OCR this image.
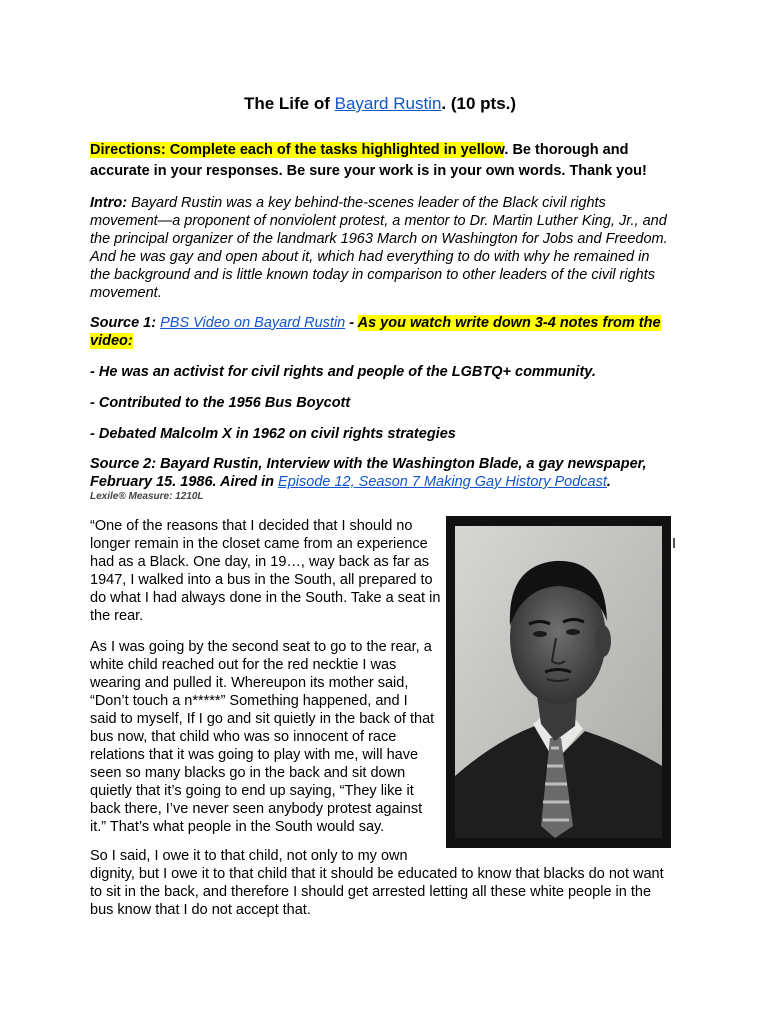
The Life of Bayard Rustin. (10 pts.)
Directions: Complete each of the tasks highlighted in yellow. Be thorough and accurate in your responses. Be sure your work is in your own words. Thank you!
Intro: Bayard Rustin was a key behind-the-scenes leader of the Black civil rights movement—a proponent of nonviolent protest, a mentor to Dr. Martin Luther King, Jr., and the principal organizer of the landmark 1963 March on Washington for Jobs and Freedom. And he was gay and open about it, which had everything to do with why he remained in the background and is little known today in comparison to other leaders of the civil rights movement.
Source 1: PBS Video on Bayard Rustin - As you watch write down 3-4 notes from the video:
- He was an activist for civil rights and people of the LGBTQ+ community.
- Contributed to the 1956 Bus Boycott
- Debated Malcolm X in 1962 on civil rights strategies
Source 2: Bayard Rustin, Interview with the Washington Blade, a gay newspaper, February 15. 1986. Aired in Episode 12, Season 7 Making Gay History Podcast.
Lexile® Measure: 1210L
“One of the reasons that I decided that I should no longer remain in the closet came from an experience had as a Black. One day, in 19…, way back as far as 1947, I walked into a bus in the South, all prepared to do what I had always done in the South. Take a seat in the rear.
As I was going by the second seat to go to the rear, a white child reached out for the red necktie I was wearing and pulled it. Whereupon its mother said, “Don’t touch a n*****” Something happened, and I said to myself, If I go and sit quietly in the back of that bus now, that child who was so innocent of race relations that it was going to play with me, will have seen so many blacks go in the back and sit down quietly that it’s going to end up saying, “They like it back there, I’ve never seen anybody protest against it.” That’s what people in the South would say.
So I said, I owe it to that child, not only to my own
dignity, but I owe it to that child that it should be educated to know that blacks do not want to sit in the back, and therefore I should get arrested letting all these white people in the bus know that I do not accept that.
I
